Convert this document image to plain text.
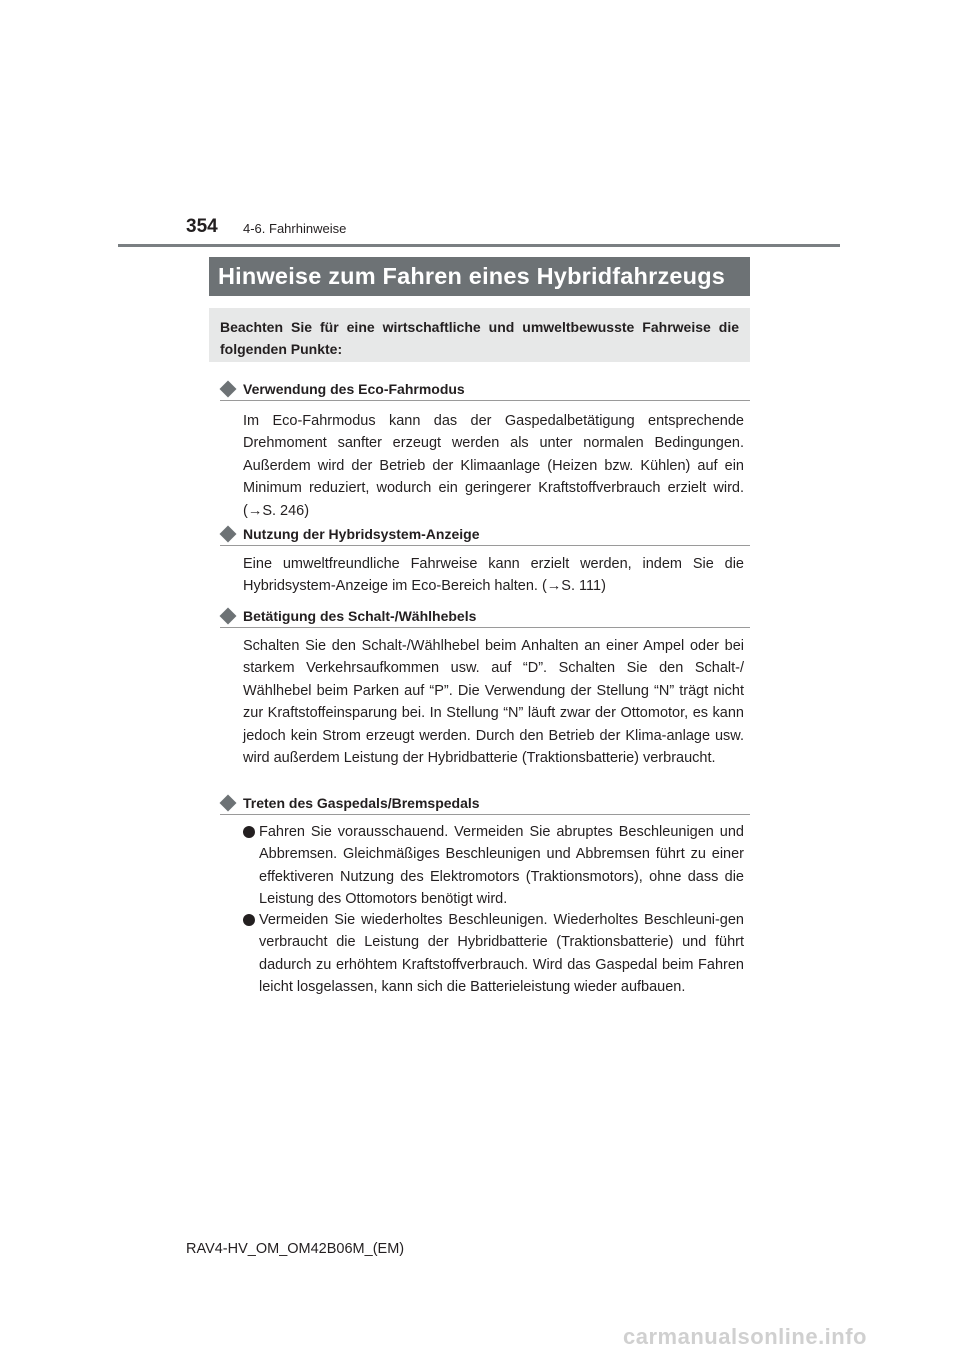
354 4-6. Fahrhinweise
Hinweise zum Fahren eines Hybridfahrzeugs
Beachten Sie für eine wirtschaftliche und umweltbewusste Fahrweise die folgenden Punkte:
Verwendung des Eco-Fahrmodus

Im Eco-Fahrmodus kann das der Gaspedalbetätigung entsprechende Drehmoment sanfter erzeugt werden als unter normalen Bedingungen. Außerdem wird der Betrieb der Klimaanlage (Heizen bzw. Kühlen) auf ein Minimum reduziert, wodurch ein geringerer Kraftstoffverbrauch erzielt wird. (→S. 246)

Nutzung der Hybridsystem-Anzeige

Eine umweltfreundliche Fahrweise kann erzielt werden, indem Sie die Hybridsystem-Anzeige im Eco-Bereich halten. (→S. 111)

Betätigung des Schalt-/Wählhebels

Schalten Sie den Schalt-/Wählhebel beim Anhalten an einer Ampel oder bei starkem Verkehrsaufkommen usw. auf “D”. Schalten Sie den Schalt-/ Wählhebel beim Parken auf “P”. Die Verwendung der Stellung “N” trägt nicht zur Kraftstoffeinsparung bei. In Stellung “N” läuft zwar der Ottomotor, es kann jedoch kein Strom erzeugt werden. Durch den Betrieb der Klima-anlage usw. wird außerdem Leistung der Hybridbatterie (Traktionsbatterie) verbraucht.

Treten des Gaspedals/Bremspedals
Fahren Sie vorausschauend. Vermeiden Sie abruptes Beschleunigen und Abbremsen. Gleichmäßiges Beschleunigen und Abbremsen führt zu einer effektiveren Nutzung des Elektromotors (Traktionsmotors), ohne dass die Leistung des Ottomotors benötigt wird.
Vermeiden Sie wiederholtes Beschleunigen. Wiederholtes Beschleuni-gen verbraucht die Leistung der Hybridbatterie (Traktionsbatterie) und führt dadurch zu erhöhtem Kraftstoffverbrauch. Wird das Gaspedal beim Fahren leicht losgelassen, kann sich die Batterieleistung wieder aufbauen.
RAV4-HV_OM_OM42B06M_(EM)
carmanualsonline.info
